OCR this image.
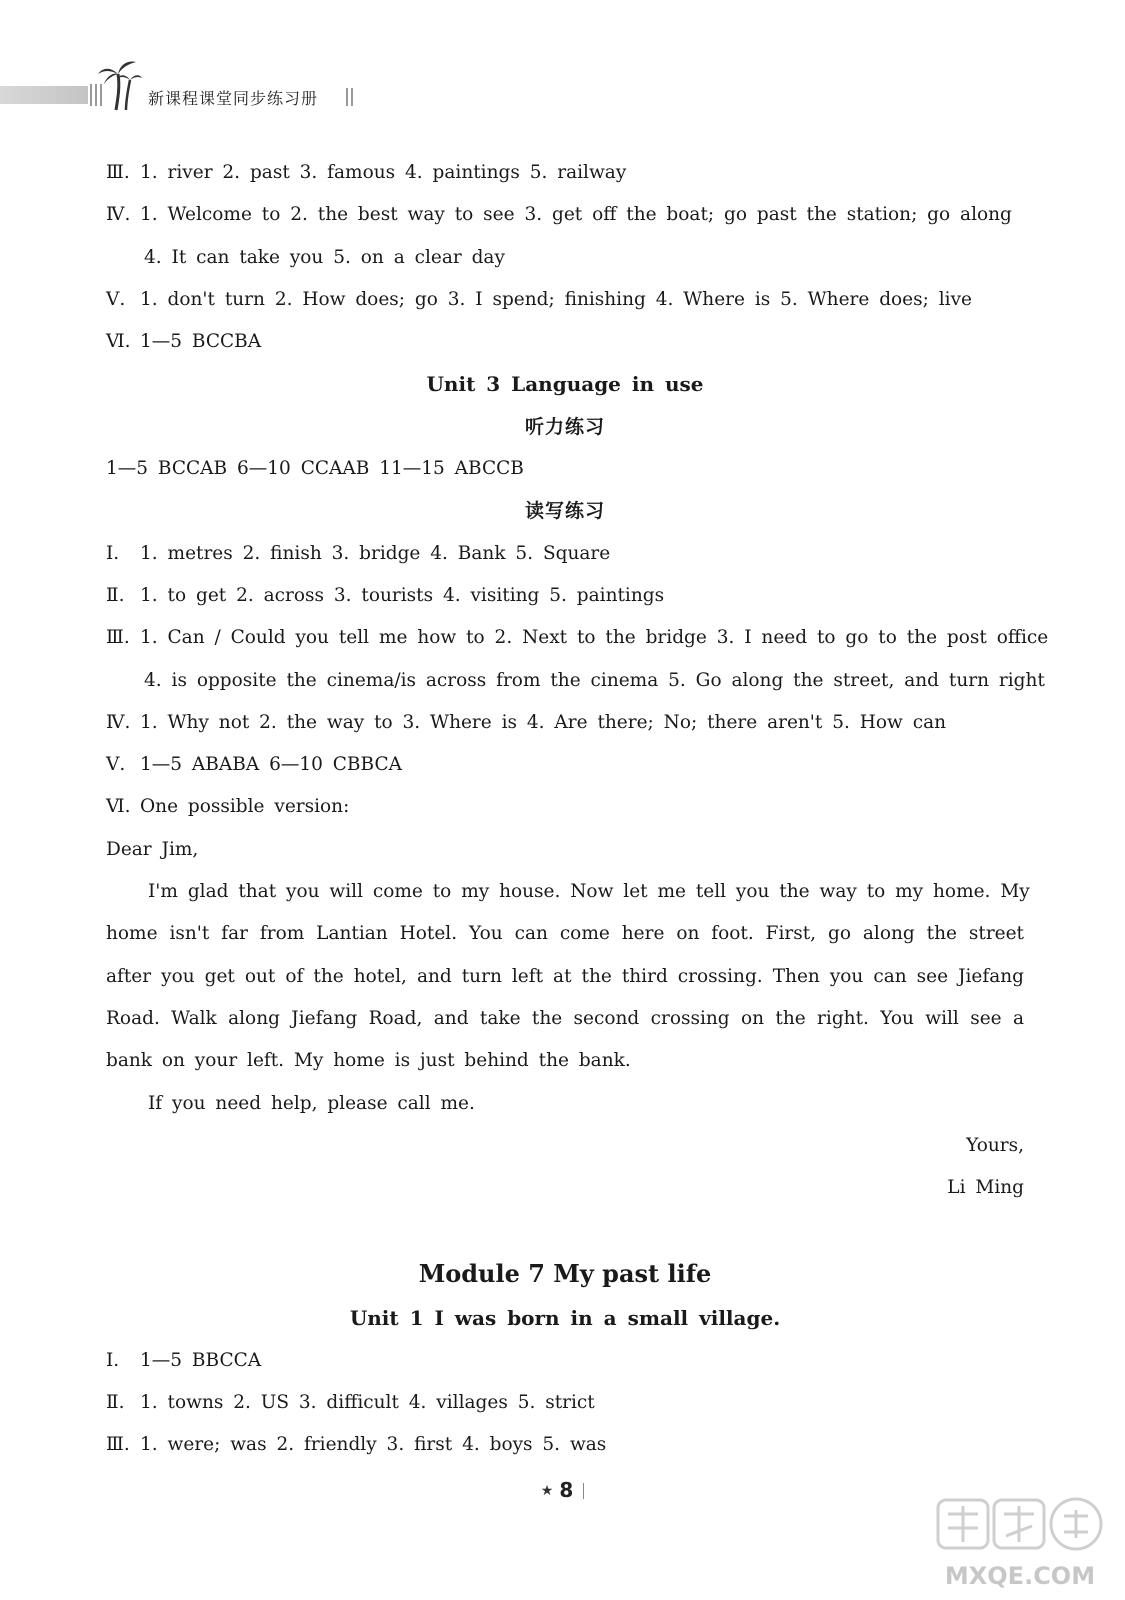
新课程课堂同步练习册
Ⅲ. 1. river 2. past 3. famous 4. paintings 5. railway
Ⅳ. 1. Welcome to 2. the best way to see 3. get off the boat; go past the station; go along
4. It can take you 5. on a clear day
Ⅴ. 1. don't turn 2. How does; go 3. I spend; finishing 4. Where is 5. Where does; live
Ⅵ. 1—5 BCCBA
Unit 3 Language in use
听力练习
1—5 BCCAB 6—10 CCAAB 11—15 ABCCB
读写练习
Ⅰ. 1. metres 2. finish 3. bridge 4. Bank 5. Square
Ⅱ. 1. to get 2. across 3. tourists 4. visiting 5. paintings
Ⅲ. 1. Can / Could you tell me how to 2. Next to the bridge 3. I need to go to the post office
4. is opposite the cinema/is across from the cinema 5. Go along the street, and turn right
Ⅳ. 1. Why not 2. the way to 3. Where is 4. Are there; No; there aren't 5. How can
Ⅴ. 1—5 ABABA 6—10 CBBCA
Ⅵ. One possible version:
Dear Jim,
I'm glad that you will come to my house. Now let me tell you the way to my home. My
home isn't far from Lantian Hotel. You can come here on foot. First, go along the street
after you get out of the hotel, and turn left at the third crossing. Then you can see Jiefang
Road. Walk along Jiefang Road, and take the second crossing on the right. You will see a
bank on your left. My home is just behind the bank.
If you need help, please call me.
Yours,
Li Ming
Module 7 My past life
Unit 1 I was born in a small village.
Ⅰ. 1—5 BBCCA
Ⅱ. 1. towns 2. US 3. difficult 4. villages 5. strict
Ⅲ. 1. were; was 2. friendly 3. first 4. boys 5. was
★ 8
MXQE.COM
